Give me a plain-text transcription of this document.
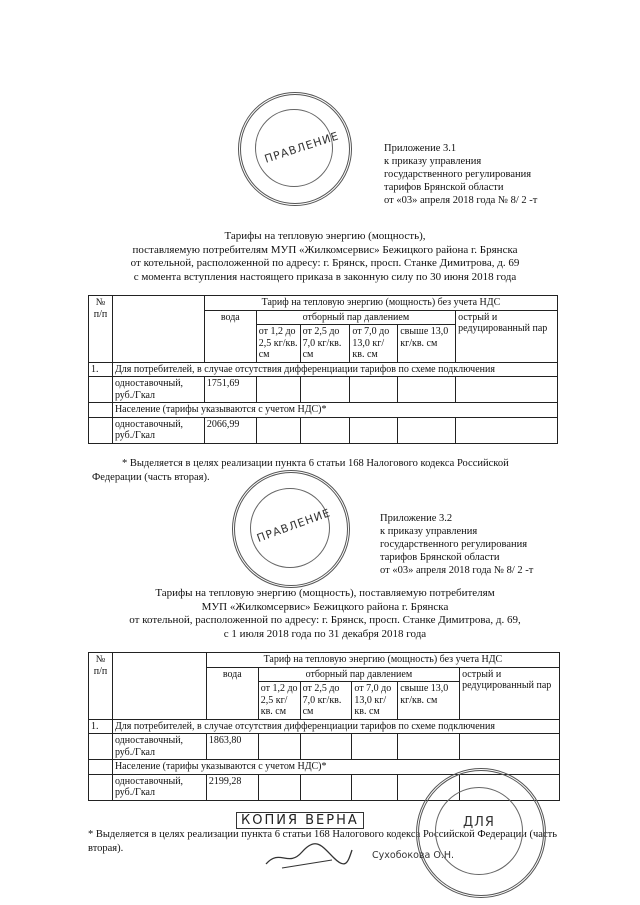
ПРАВЛЕНИЕ	Приложение 3.1
к приказу управления
государственного регулирования
тарифов Брянской области
от «03» апреля 2018 года № 8/ 2 -т
Тарифы на тепловую энергию (мощность),
поставляемую потребителям МУП «Жилкомсервис» Бежицкого района г. Брянска
от котельной, расположенной по адресу: г. Брянск, просп. Станке Димитрова, д. 69
с момента вступления настоящего приказа в законную силу по 30 июня 2018 года
№ п/п		Тариф на тепловую энергию (мощность) без учета НДС					
		вода	отборный пар давлением				острый и редуцированный пар
			от 1,2 до 2,5 кг/кв. см	от 2,5 до 7,0 кг/кв. см	от 7,0 до 13,0 кг/кв. см	свыше 13,0 кг/кв. см	
1.	Для потребителей, в случае отсутствия дифференциации тарифов по схеме подключения						
	одноставочный, руб./Гкал	1751,69					
	Население (тарифы указываются с учетом НДС)*						
	одноставочный, руб./Гкал	2066,99					
* Выделяется в целях реализации пункта 6 статьи 168 Налогового кодекса Российской Федерации (часть вторая).
ПРАВЛЕНИЕ	Приложение 3.2
к приказу управления
государственного регулирования
тарифов Брянской области
от «03» апреля 2018 года № 8/ 2 -т
Тарифы на тепловую энергию (мощность), поставляемую потребителям
МУП «Жилкомсервис» Бежицкого района г. Брянска
от котельной, расположенной по адресу: г. Брянск, просп. Станке Димитрова, д. 69,
с 1 июля 2018 года по 31 декабря 2018 года
№ п/п		Тариф на тепловую энергию (мощность) без учета НДС					
		вода	отборный пар давлением				острый и редуцированный пар
			от 1,2 до 2,5 кг/кв. см	от 2,5 до 7,0 кг/кв. см	от 7,0 до 13,0 кг/кв. см	свыше 13,0 кг/кв. см	
1.	Для потребителей, в случае отсутствия дифференциации тарифов по схеме подключения						
	одноставочный, руб./Гкал	1863,80					
	Население (тарифы указываются с учетом НДС)*						
	одноставочный, руб./Гкал	2199,28					
* Выделяется в целях реализации пункта 6 статьи 168 Налогового кодекса Российской Федерации (часть вторая).
КОПИЯ ВЕРНА	ДЛЯ
Сухобокова О.Н.
